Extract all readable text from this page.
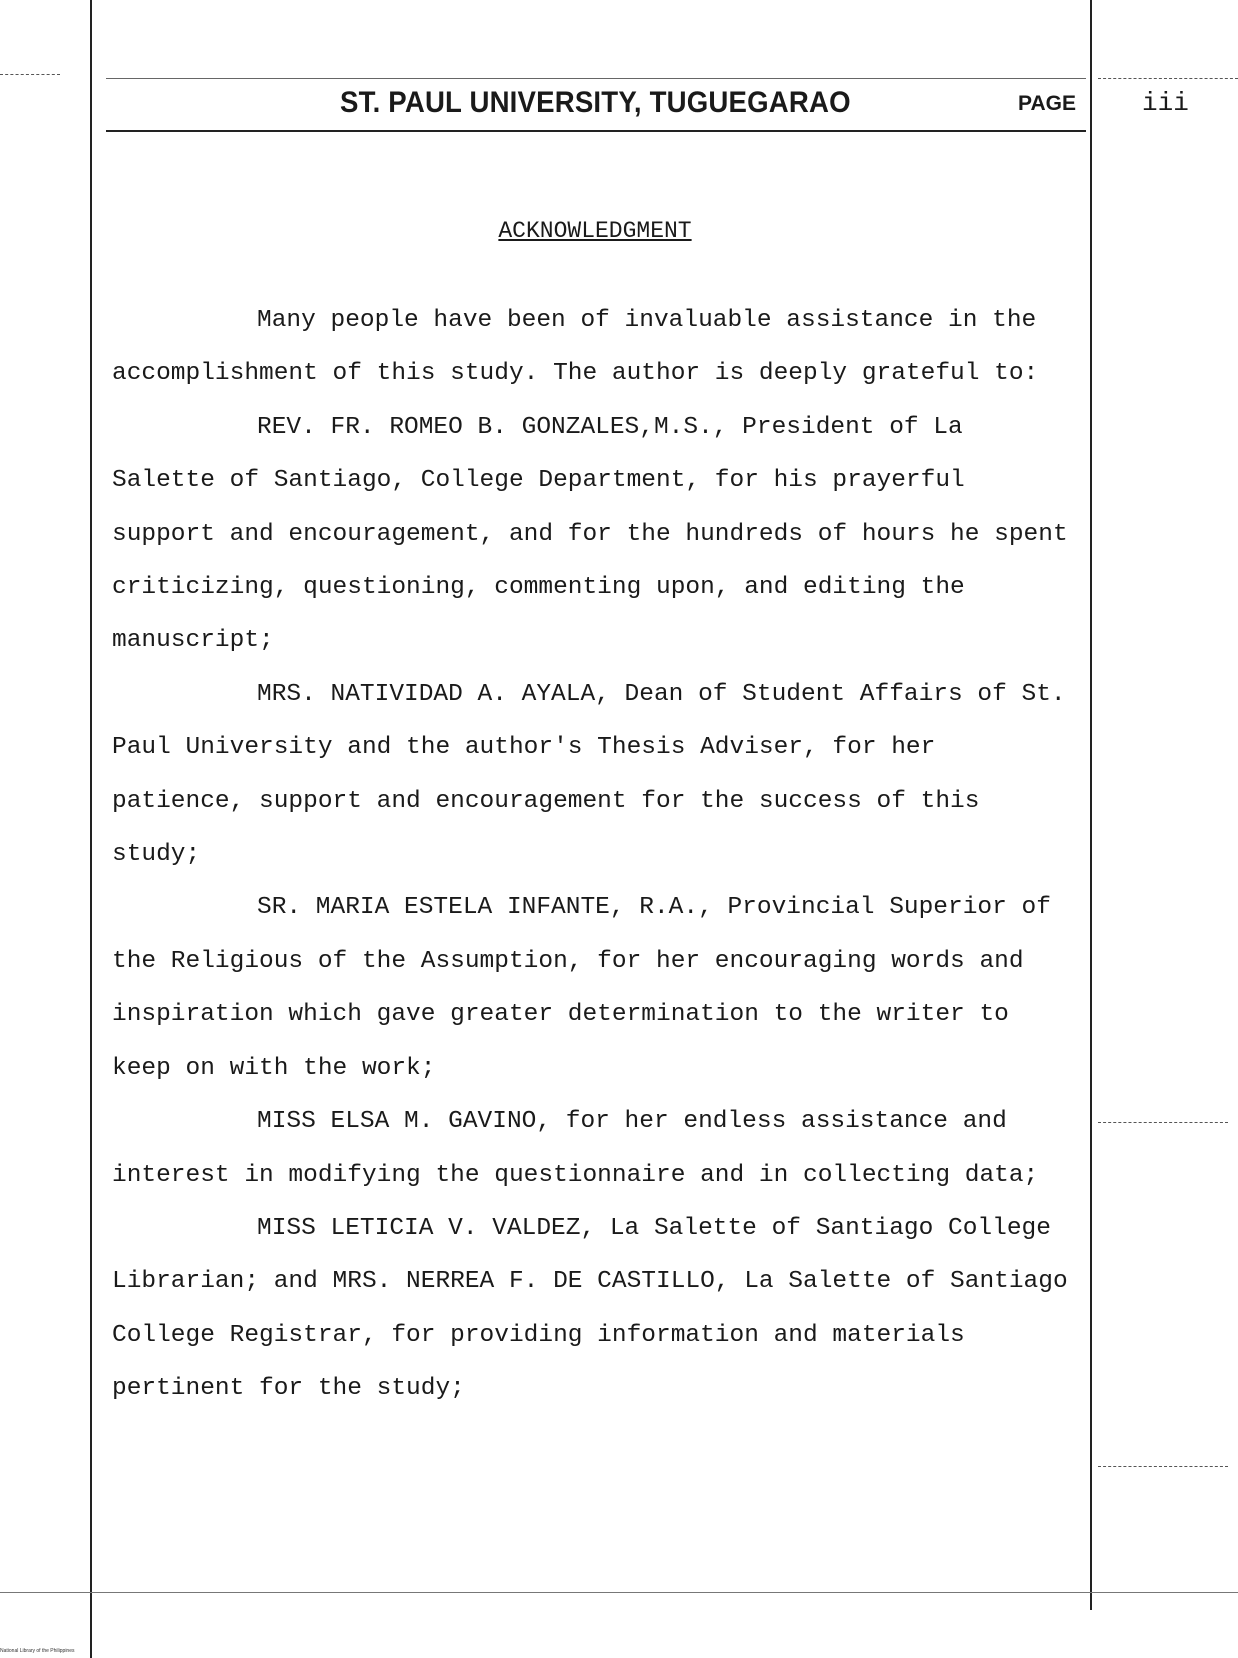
ST. PAUL UNIVERSITY, TUGUEGARAO	PAGE	iii
ACKNOWLEDGMENT

Many people have been of invaluable assistance in the accomplishment of this study. The author is deeply grateful to:

REV. FR. ROMEO B. GONZALES,M.S., President of La Salette of Santiago, College Department, for his prayerful support and encouragement, and for the hundreds of hours he spent criticizing, questioning, commenting upon, and editing the manuscript;

MRS. NATIVIDAD A. AYALA, Dean of Student Affairs of St. Paul University and the author's Thesis Adviser, for her patience, support and encouragement for the success of this study;

SR. MARIA ESTELA INFANTE, R.A., Provincial Superior of the Religious of the Assumption, for her encouraging words and inspiration which gave greater determination to the writer to keep on with the work;

MISS ELSA M. GAVINO, for her endless assistance and interest in modifying the questionnaire and in collecting data;

MISS LETICIA V. VALDEZ, La Salette of Santiago College Librarian; and MRS. NERREA F. DE CASTILLO, La Salette of Santiago College Registrar, for providing information and materials pertinent for the study;

National Library of the Philippines
